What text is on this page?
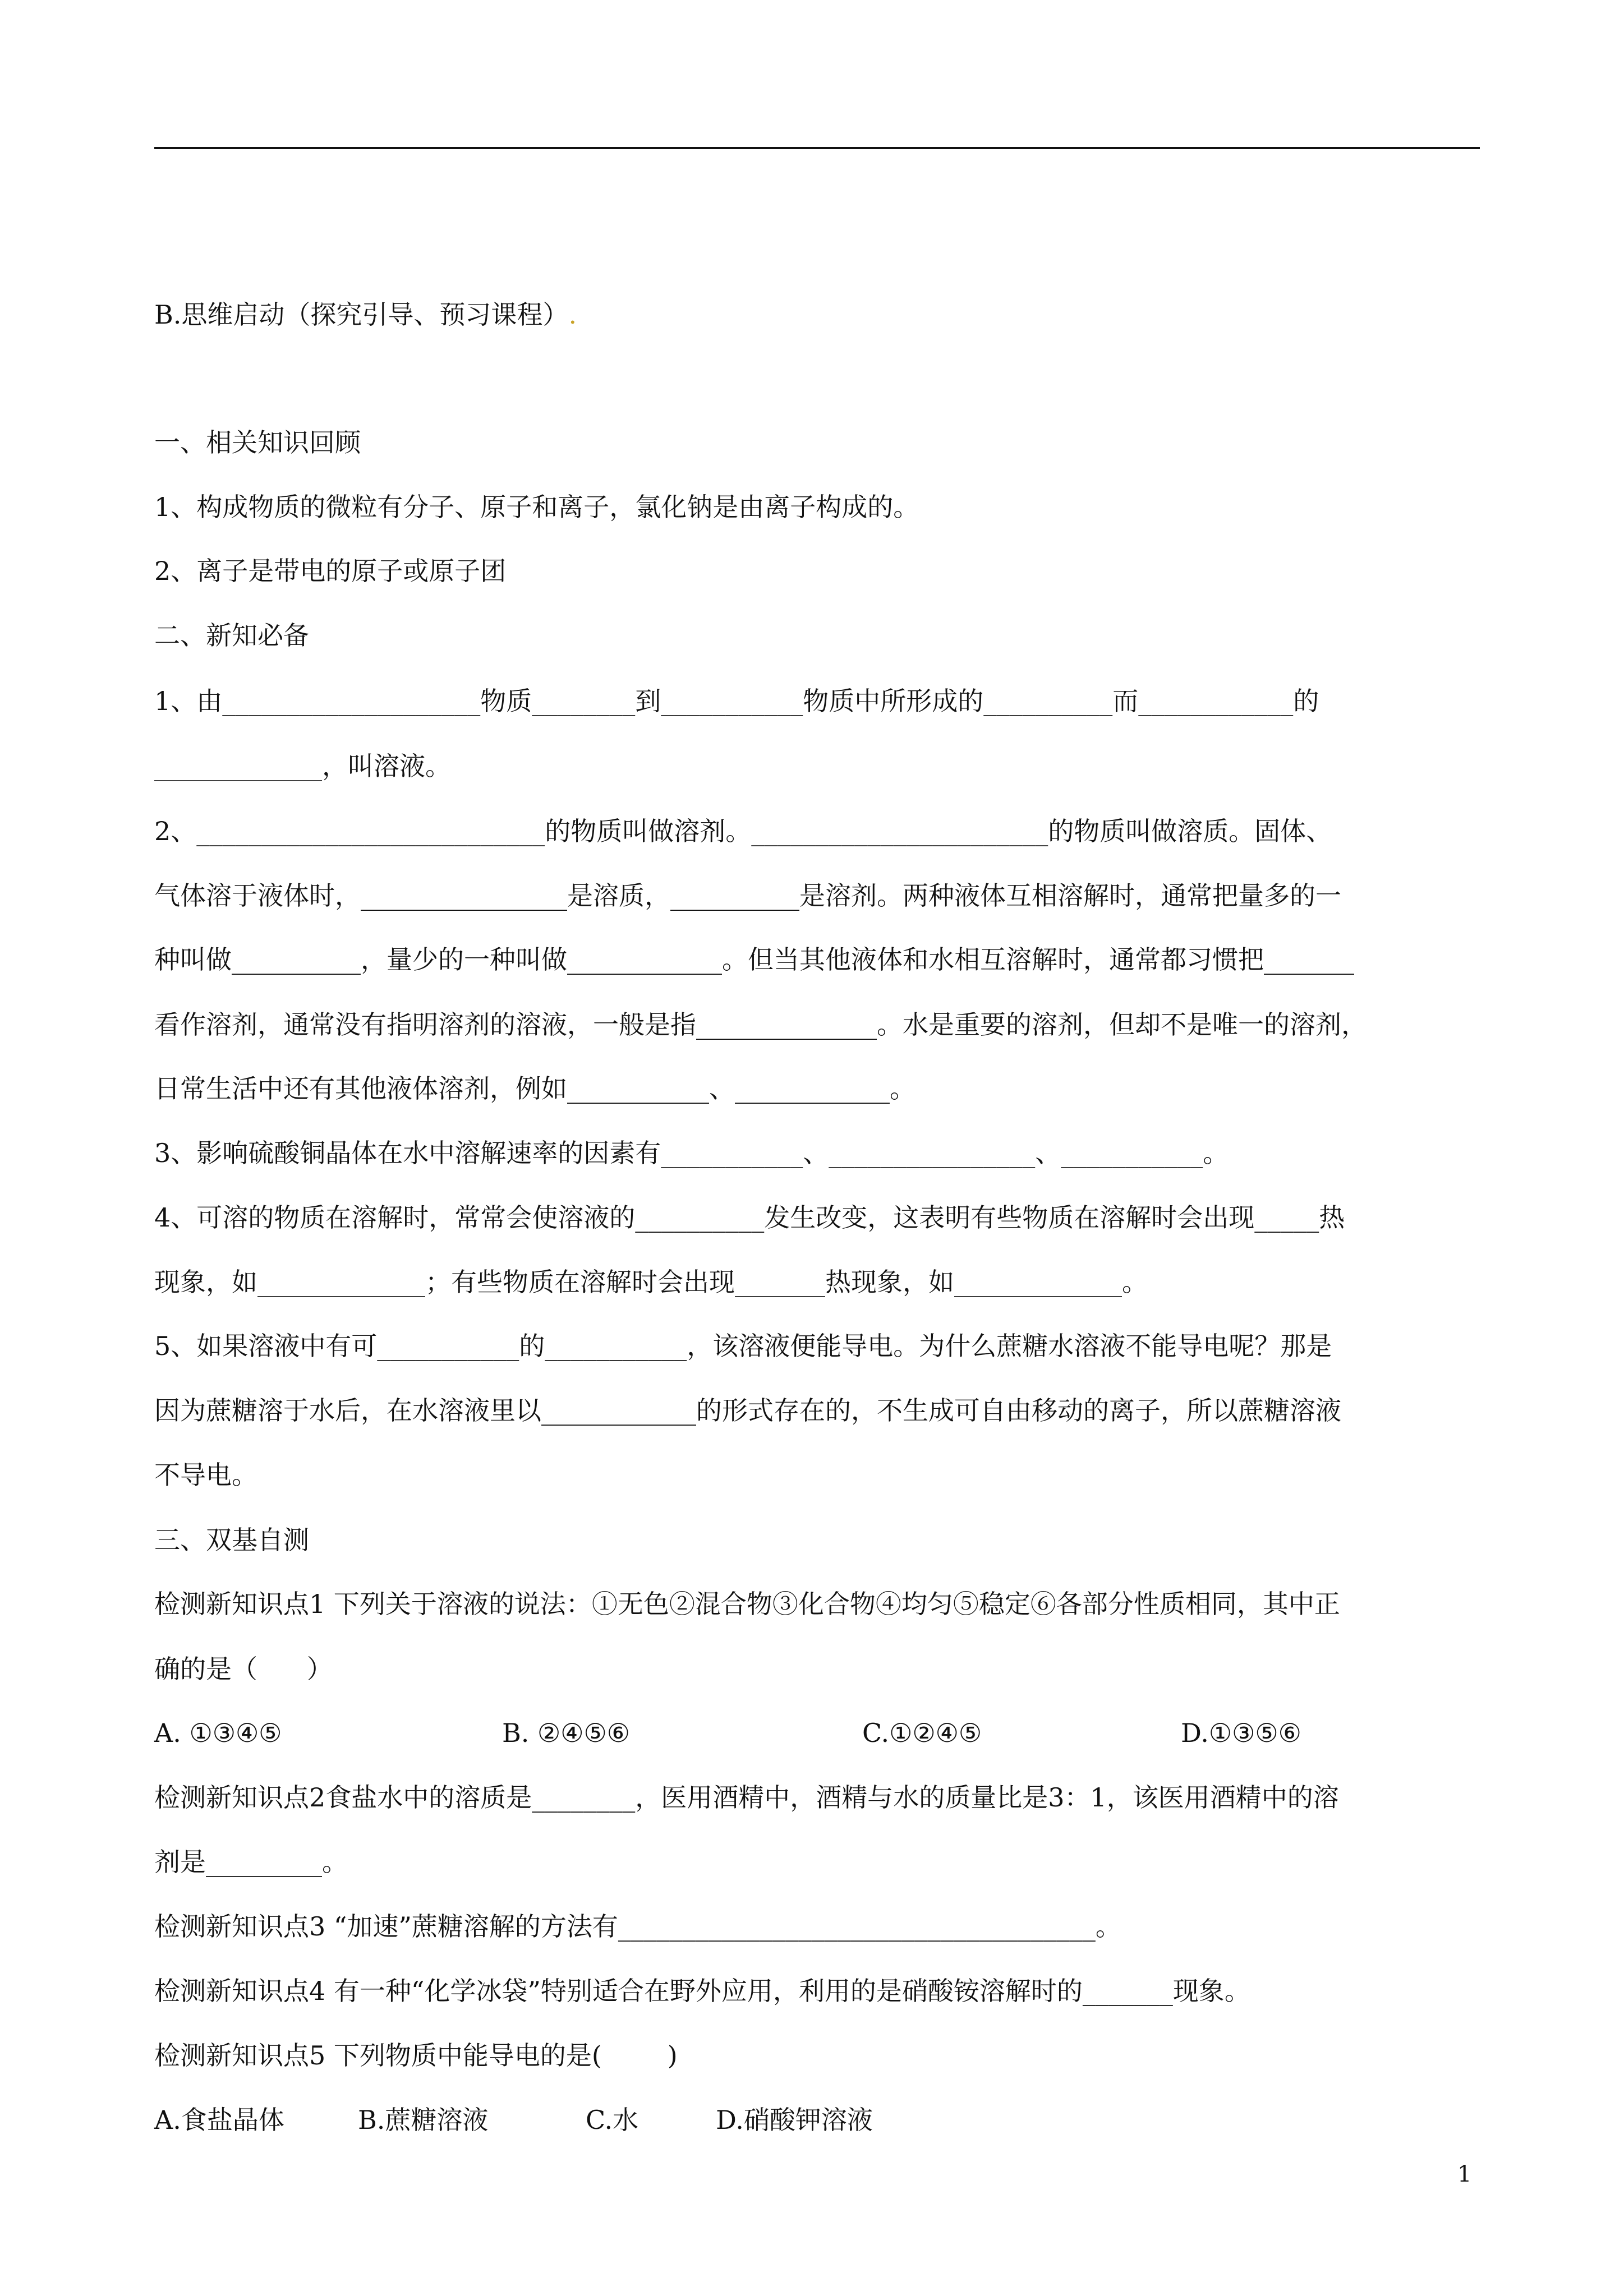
B.思维启动（探究引导、预习课程）.

一、相关知识回顾

1、构成物质的微粒有分子、原子和离子，氯化钠是由离子构成的。

2、离子是带电的原子或原子团

二、新知必备

1、由____________________物质________到___________物质中所形成的__________而____________的

_____________，叫溶液。

2、___________________________的物质叫做溶剂。_______________________的物质叫做溶质。固体、

气体溶于液体时，________________是溶质，__________是溶剂。两种液体互相溶解时，通常把量多的一

种叫做__________，量少的一种叫做____________。但当其他液体和水相互溶解时，通常都习惯把_______

看作溶剂，通常没有指明溶剂的溶液，一般是指______________。水是重要的溶剂，但却不是唯一的溶剂，

日常生活中还有其他液体溶剂，例如___________、____________。

3、影响硫酸铜晶体在水中溶解速率的因素有___________、________________、___________。

4、可溶的物质在溶解时，常常会使溶液的__________发生改变，这表明有些物质在溶解时会出现_____热

现象，如_____________；有些物质在溶解时会出现_______热现象，如_____________。

5、如果溶液中有可___________的___________，该溶液便能导电。为什么蔗糖水溶液不能导电呢？那是

因为蔗糖溶于水后，在水溶液里以____________的形式存在的，不生成可自由移动的离子，所以蔗糖溶液

不导电。

三、双基自测

检测新知识点1 下列关于溶液的说法：①无色②混合物③化合物④均匀⑤稳定⑥各部分性质相同，其中正

确的是（      ）

A. ①③④⑤	B. ②④⑤⑥	C.①②④⑤	D.①③⑤⑥

检测新知识点2食盐水中的溶质是________，医用酒精中，酒精与水的质量比是3：1，该医用酒精中的溶

剂是_________。

检测新知识点3 “加速”蔗糖溶解的方法有_____________________________________。

检测新知识点4 有一种“化学冰袋”特别适合在野外应用，利用的是硝酸铵溶解时的_______现象。

检测新知识点5 下列物质中能导电的是(        )

A.食盐晶体	B.蔗糖溶液	C.水	D.硝酸钾溶液

1
